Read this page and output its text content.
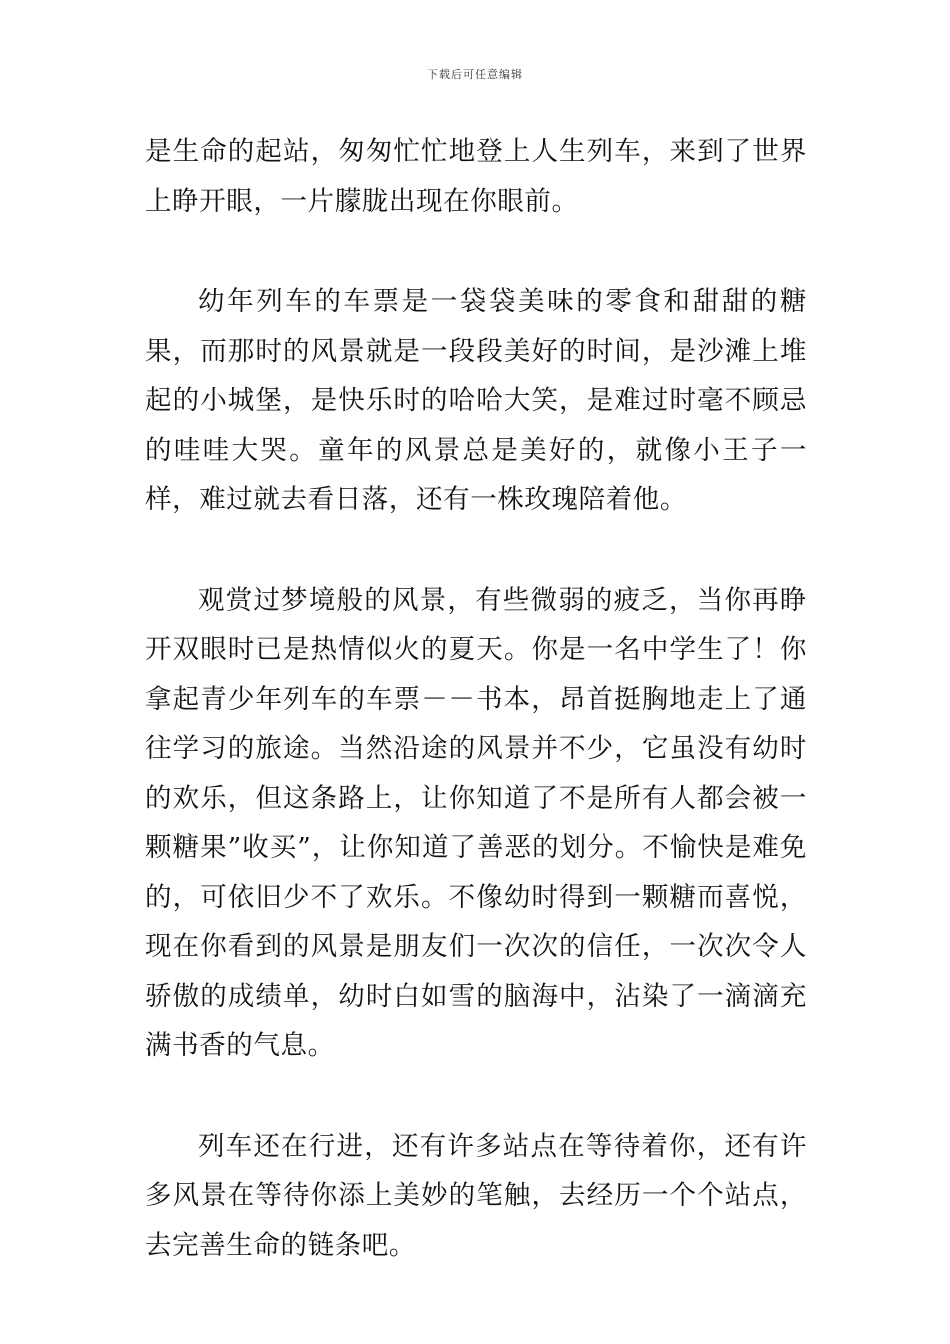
下载后可任意编辑

是生命的起站，匆匆忙忙地登上人生列车，来到了世界上睁开眼，一片朦胧出现在你眼前。

幼年列车的车票是一袋袋美味的零食和甜甜的糖果，而那时的风景就是一段段美好的时间，是沙滩上堆起的小城堡，是快乐时的哈哈大笑，是难过时毫不顾忌的哇哇大哭。童年的风景总是美好的，就像小王子一样，难过就去看日落，还有一株玫瑰陪着他。

观赏过梦境般的风景，有些微弱的疲乏，当你再睁开双眼时已是热情似火的夏天。你是一名中学生了！你拿起青少年列车的车票－－书本，昂首挺胸地走上了通往学习的旅途。当然沿途的风景并不少，它虽没有幼时的欢乐，但这条路上，让你知道了不是所有人都会被一颗糖果”收买”，让你知道了善恶的划分。不愉快是难免的，可依旧少不了欢乐。不像幼时得到一颗糖而喜悦，现在你看到的风景是朋友们一次次的信任，一次次令人骄傲的成绩单，幼时白如雪的脑海中，沾染了一滴滴充满书香的气息。

列车还在行进，还有许多站点在等待着你，还有许多风景在等待你添上美妙的笔触，去经历一个个站点，去完善生命的链条吧。
